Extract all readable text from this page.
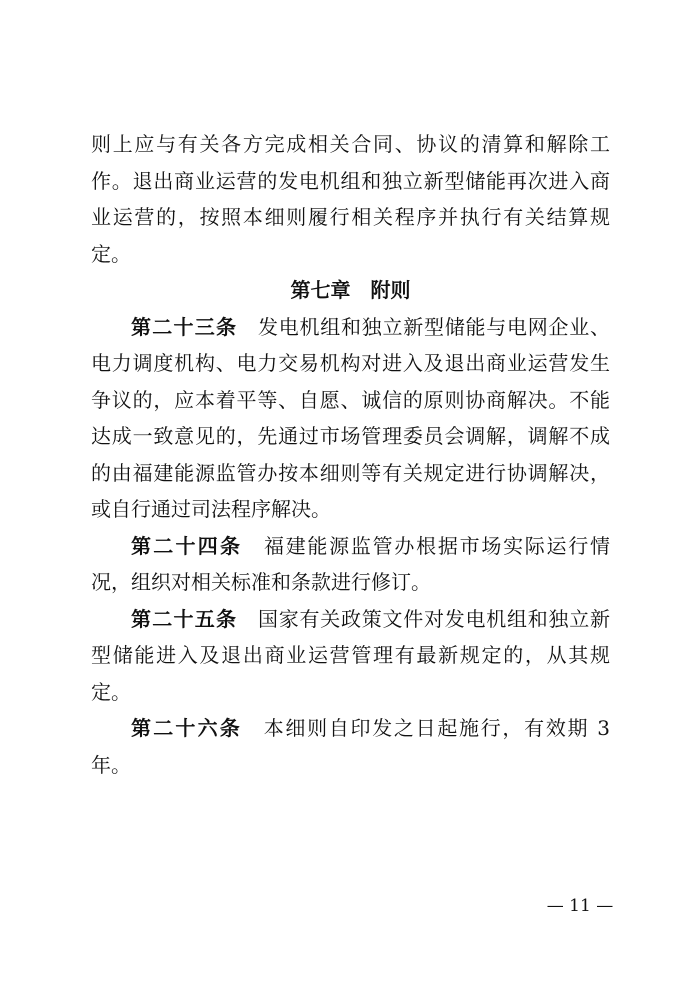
则上应与有关各方完成相关合同、协议的清算和解除工作。退出商业运营的发电机组和独立新型储能再次进入商业运营的，按照本细则履行相关程序并执行有关结算规定。

第七章　附则

第二十三条　 发电机组和独立新型储能与电网企业、电力调度机构、电力交易机构对进入及退出商业运营发生争议的，应本着平等、自愿、诚信的原则协商解决。不能达成一致意见的，先通过市场管理委员会调解，调解不成的由福建能源监管办按本细则等有关规定进行协调解决，或自行通过司法程序解决。

第二十四条　 福建能源监管办根据市场实际运行情况，组织对相关标准和条款进行修订。

第二十五条　 国家有关政策文件对发电机组和独立新型储能进入及退出商业运营管理有最新规定的，从其规定。

第二十六条　 本细则自印发之日起施行，有效期 3 年。

— 11 —
